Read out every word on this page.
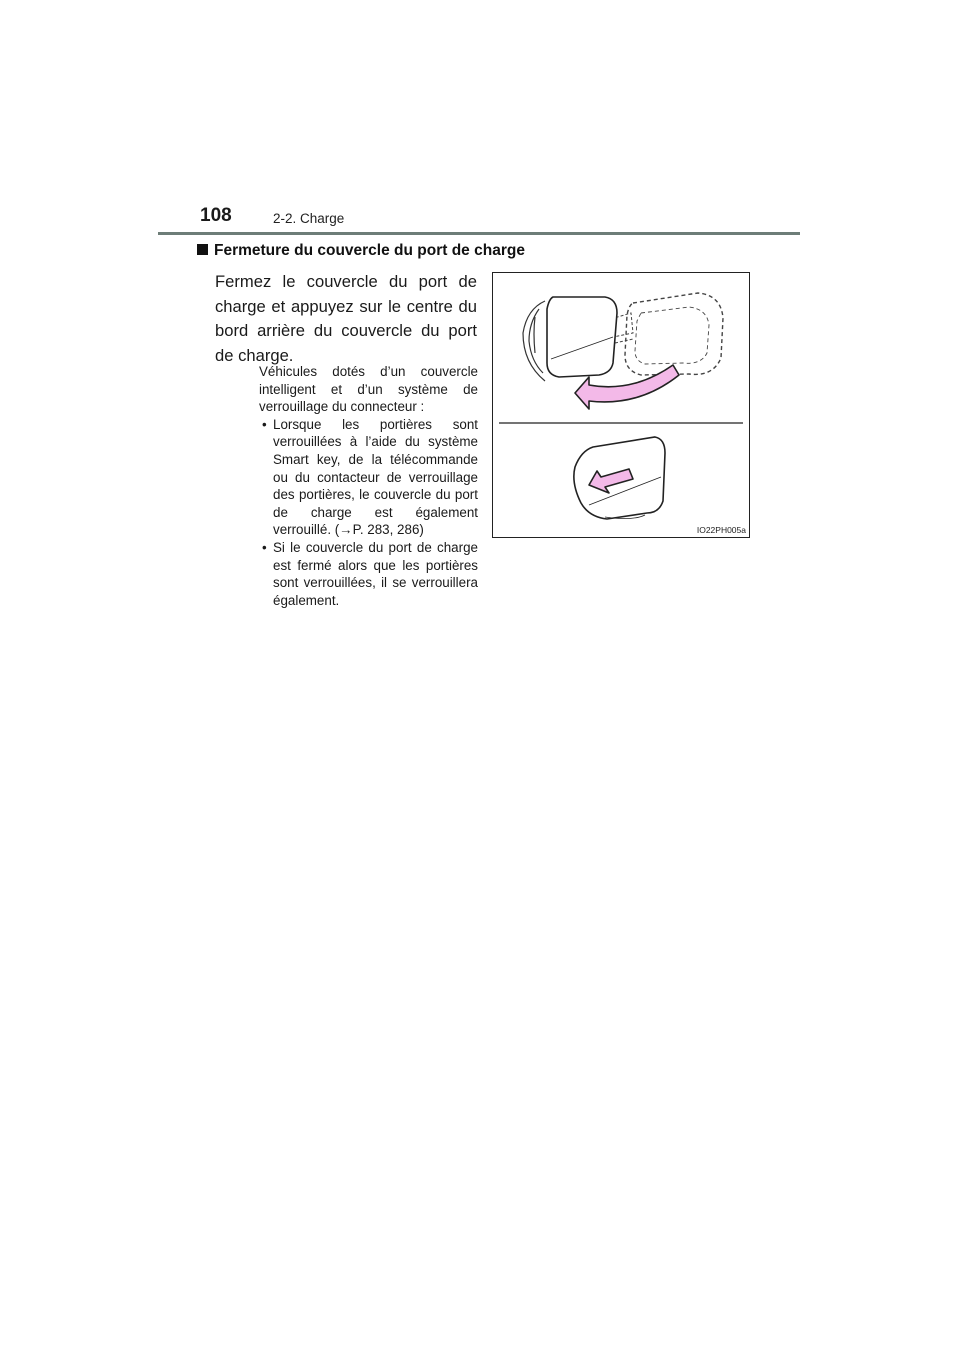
108	2-2. Charge
Fermeture du couvercle du port de charge
Fermez le couvercle du port de charge et appuyez sur le centre du bord arrière du couvercle du port de charge.

Véhicules dotés d’un couvercle intelligent et d’un système de verrouillage du connecteur :

• Lorsque les portières sont verrouillées à l’aide du système Smart key, de la télécommande ou du contacteur de verrouillage des portières, le couvercle du port de charge est également verrouillé. (→P. 283, 286)
• Si le couvercle du port de charge est fermé alors que les portières sont verrouillées, il se verrouillera également.
IO22PH005a
